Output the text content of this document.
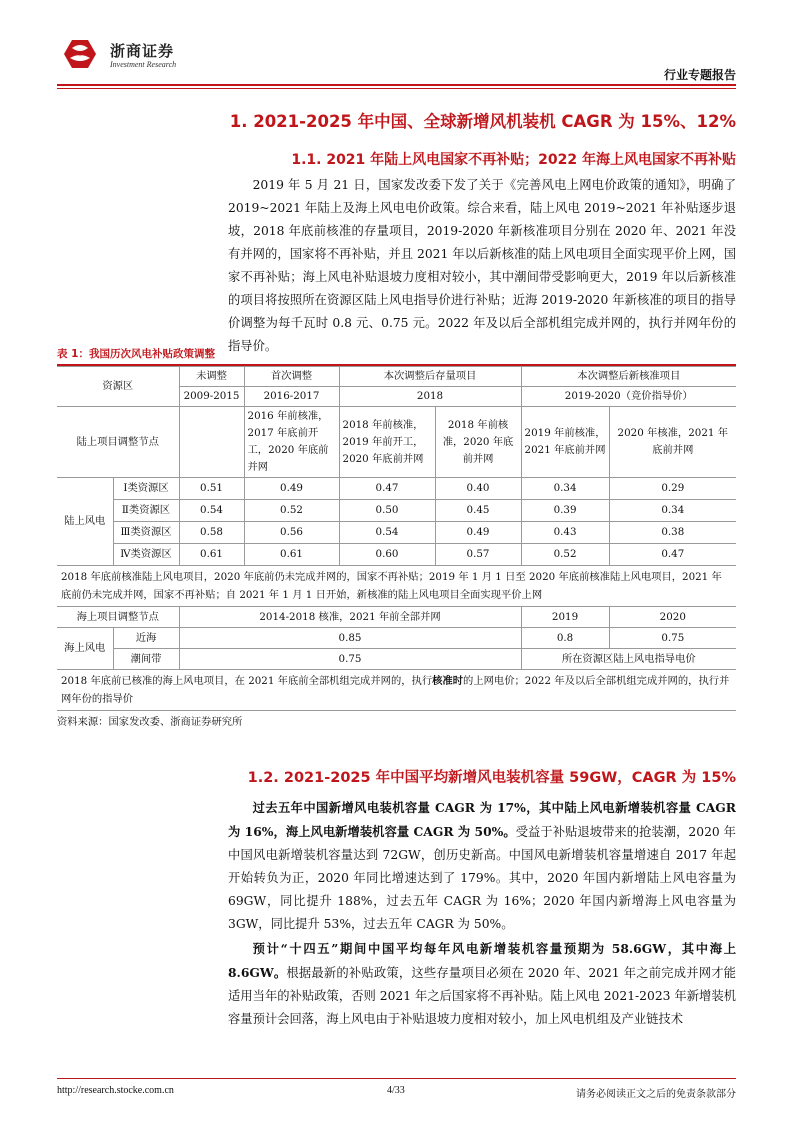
浙商证券
Investment Research
行业专题报告
1. 2021-2025 年中国、全球新增风机装机 CAGR 为 15%、12%
1.1. 2021 年陆上风电国家不再补贴；2022 年海上风电国家不再补贴

2019 年 5 月 21 日，国家发改委下发了关于《完善风电上网电价政策的通知》，明确了 2019~2021 年陆上及海上风电电价政策。综合来看，陆上风电 2019~2021 年补贴逐步退坡，2018 年底前核准的存量项目，2019-2020 年新核准项目分别在 2020 年、2021 年没有并网的，国家将不再补贴，并且 2021 年以后新核准的陆上风电项目全面实现平价上网，国家不再补贴；海上风电补贴退坡力度相对较小，其中潮间带受影响更大，2019 年以后新核准的项目将按照所在资源区陆上风电指导价进行补贴；近海 2019-2020 年新核准的项目的指导价调整为每千瓦时 0.8 元、0.75 元。2022 年及以后全部机组完成并网的，执行并网年份的指导价。

表 1：我国历次风电补贴政策调整
资源区		未调整	首次调整	本次调整后存量项目		本次调整后新核准项目	
		2009-2015	2016-2017	2018		2019-2020（竞价指导价）	
陆上项目调整节点			2016 年前核准，2017 年底前开工，2020 年底前并网	2018 年前核准，2019 年前开工，2020 年底前并网	2018 年前核准，2020 年底前并网	2019 年前核准，2021 年底前并网	2020 年核准，2021 年底前并网
陆上风电	Ⅰ类资源区	0.51	0.49	0.47	0.40	0.34	0.29
	Ⅱ类资源区	0.54	0.52	0.50	0.45	0.39	0.34
	Ⅲ类资源区	0.58	0.56	0.54	0.49	0.43	0.38
	Ⅳ类资源区	0.61	0.61	0.60	0.57	0.52	0.47
2018 年底前核准陆上风电项目，2020 年底前仍未完成并网的，国家不再补贴；2019 年 1 月 1 日至 2020 年底前核准陆上风电项目，2021 年底前仍未完成并网，国家不再补贴；自 2021 年 1 月 1 日开始，新核准的陆上风电项目全面实现平价上网							
海上项目调整节点		2014-2018 核准，2021 年前全部并网				2019	2020
海上风电	近海	0.85				0.8	0.75
	潮间带	0.75				所在资源区陆上风电指导电价	
2018 年底前已核准的海上风电项目，在 2021 年底前全部机组完成并网的，执行核准时的上网电价；2022 年及以后全部机组完成并网的，执行并网年份的指导价							
资料来源：国家发改委、浙商证券研究所
1.2. 2021-2025 年中国平均新增风电装机容量 59GW，CAGR 为 15%

过去五年中国新增风电装机容量 CAGR 为 17%，其中陆上风电新增装机容量 CAGR 为 16%，海上风电新增装机容量 CAGR 为 50%。受益于补贴退坡带来的抢装潮，2020 年中国风电新增装机容量达到 72GW，创历史新高。中国风电新增装机容量增速自 2017 年起开始转负为正，2020 年同比增速达到了 179%。其中，2020 年国内新增陆上风电容量为 69GW，同比提升 188%，过去五年 CAGR 为 16%；2020 年国内新增海上风电容量为 3GW，同比提升 53%，过去五年 CAGR 为 50%。

预计“十四五”期间中国平均每年风电新增装机容量预期为 58.6GW，其中海上 8.6GW。根据最新的补贴政策，这些存量项目必须在 2020 年、2021 年之前完成并网才能适用当年的补贴政策，否则 2021 年之后国家将不再补贴。陆上风电 2021-2023 年新增装机容量预计会回落，海上风电由于补贴退坡力度相对较小，加上风电机组及产业链技术

http://research.stocke.com.cn	4/33	请务必阅读正文之后的免责条款部分
